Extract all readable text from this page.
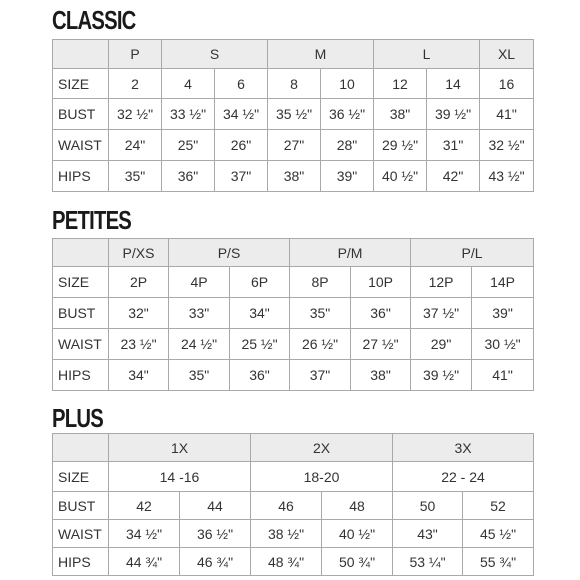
CLASSIC
	P	S		M		L		XL
SIZE	2	4	6	8	10	12	14	16
BUST	32 ½"	33 ½"	34 ½"	35 ½"	36 ½"	38"	39 ½"	41"
WAIST	24"	25"	26"	27"	28"	29 ½"	31"	32 ½"
HIPS	35"	36"	37"	38"	39"	40 ½"	42"	43 ½"
PETITES
	P/XS	P/S		P/M		P/L	
SIZE	2P	4P	6P	8P	10P	12P	14P
BUST	32"	33"	34"	35"	36"	37 ½"	39"
WAIST	23 ½"	24 ½"	25 ½"	26 ½"	27 ½"	29"	30 ½"
HIPS	34"	35"	36"	37"	38"	39 ½"	41"
PLUS
	1X		2X		3X	
SIZE	14 -16		18-20		22 - 24	
BUST	42	44	46	48	50	52
WAIST	34 ½"	36 ½"	38 ½"	40 ½"	43"	45 ½"
HIPS	44 ¾"	46 ¾"	48 ¾"	50 ¾"	53 ¼"	55 ¾"
